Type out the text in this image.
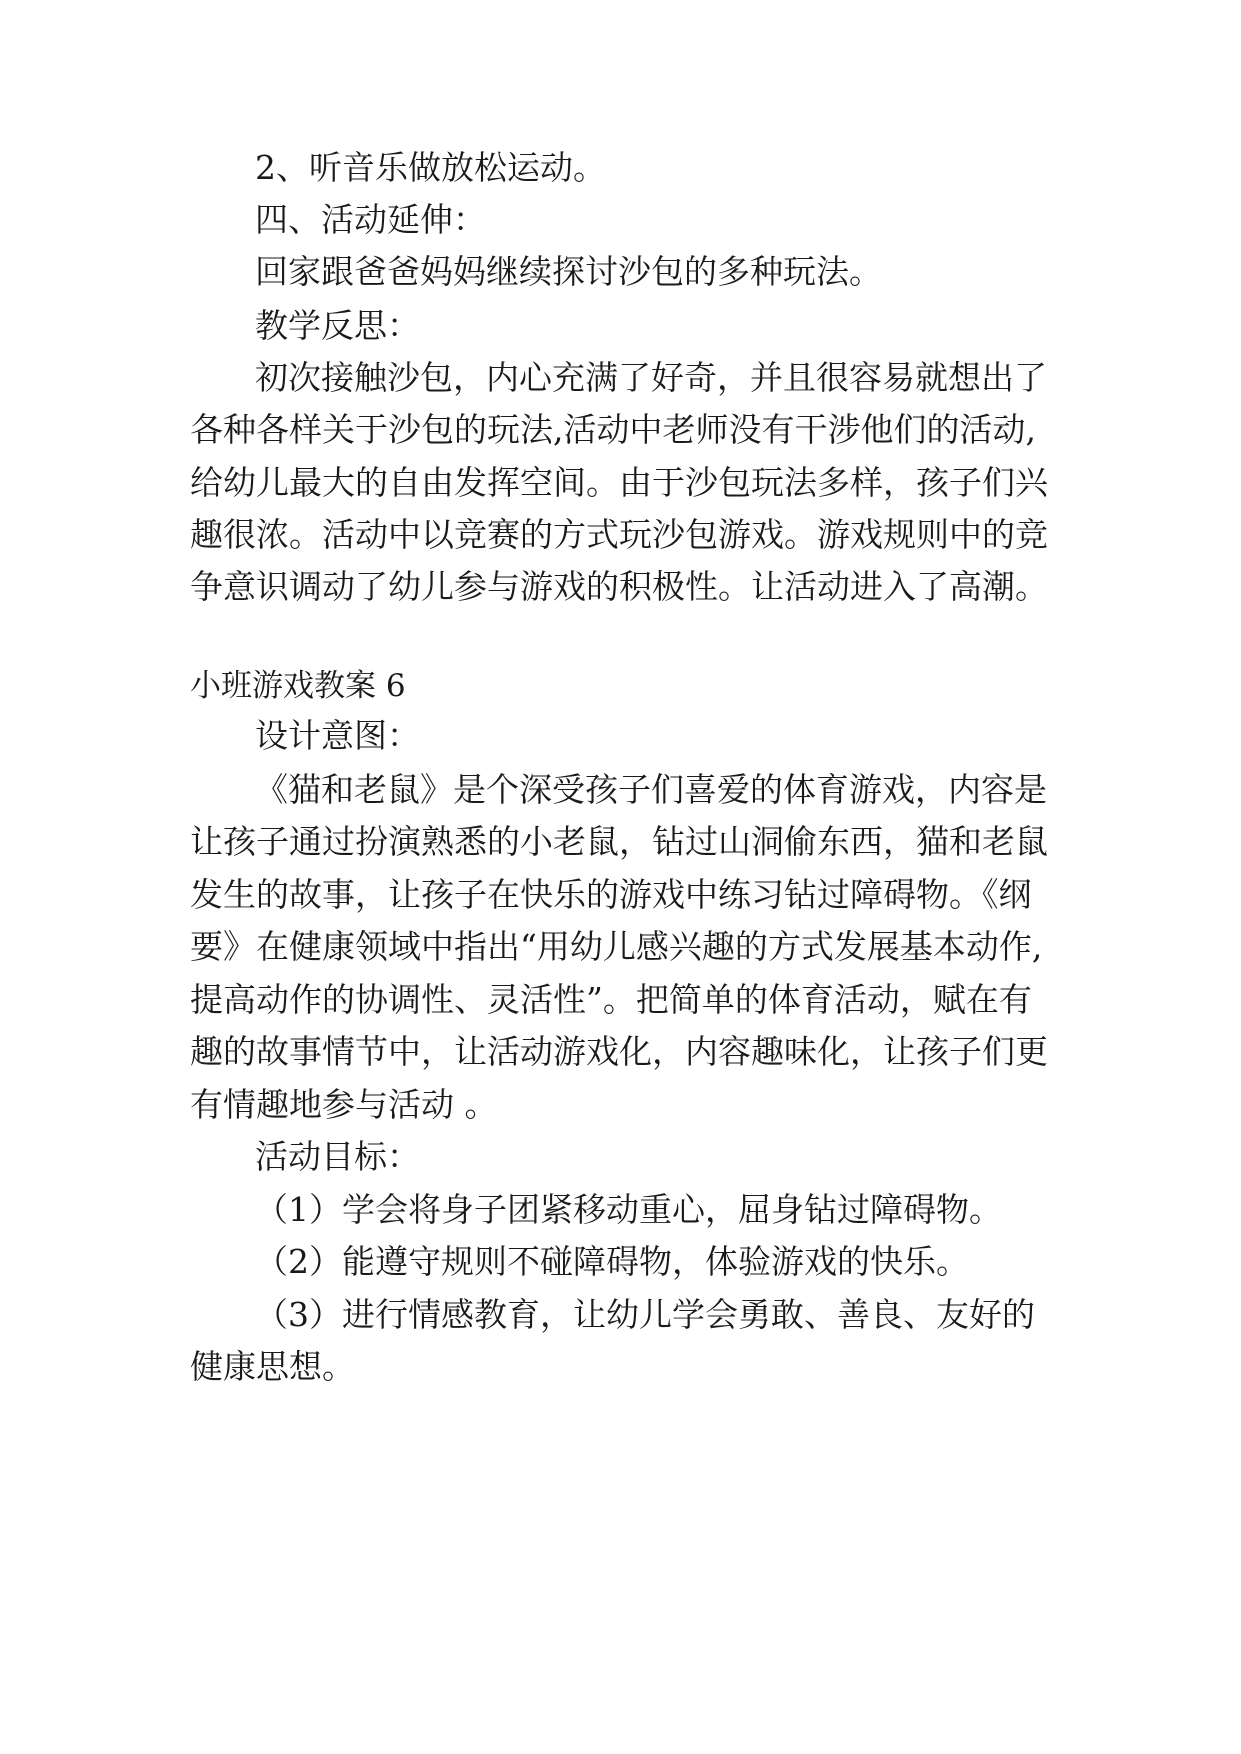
2、听音乐做放松运动。
四、活动延伸：
回家跟爸爸妈妈继续探讨沙包的多种玩法。
教学反思：
初次接触沙包，内心充满了好奇，并且很容易就想出了
各种各样关于沙包的玩法,活动中老师没有干涉他们的活动,
给幼儿最大的自由发挥空间。由于沙包玩法多样，孩子们兴
趣很浓。活动中以竞赛的方式玩沙包游戏。游戏规则中的竞
争意识调动了幼儿参与游戏的积极性。让活动进入了高潮。
小班游戏教案 6
设计意图：
《猫和老鼠》是个深受孩子们喜爱的体育游戏，内容是
让孩子通过扮演熟悉的小老鼠，钻过山洞偷东西，猫和老鼠
发生的故事，让孩子在快乐的游戏中练习钻过障碍物。《纲
要》在健康领域中指出“用幼儿感兴趣的方式发展基本动作,
提高动作的协调性、灵活性”。把简单的体育活动，赋在有
趣的故事情节中，让活动游戏化，内容趣味化，让孩子们更
有情趣地参与活动 。
活动目标：
（1）学会将身子团紧移动重心，屈身钻过障碍物。
（2）能遵守规则不碰障碍物，体验游戏的快乐。
（3）进行情感教育，让幼儿学会勇敢、善良、友好的
健康思想。
